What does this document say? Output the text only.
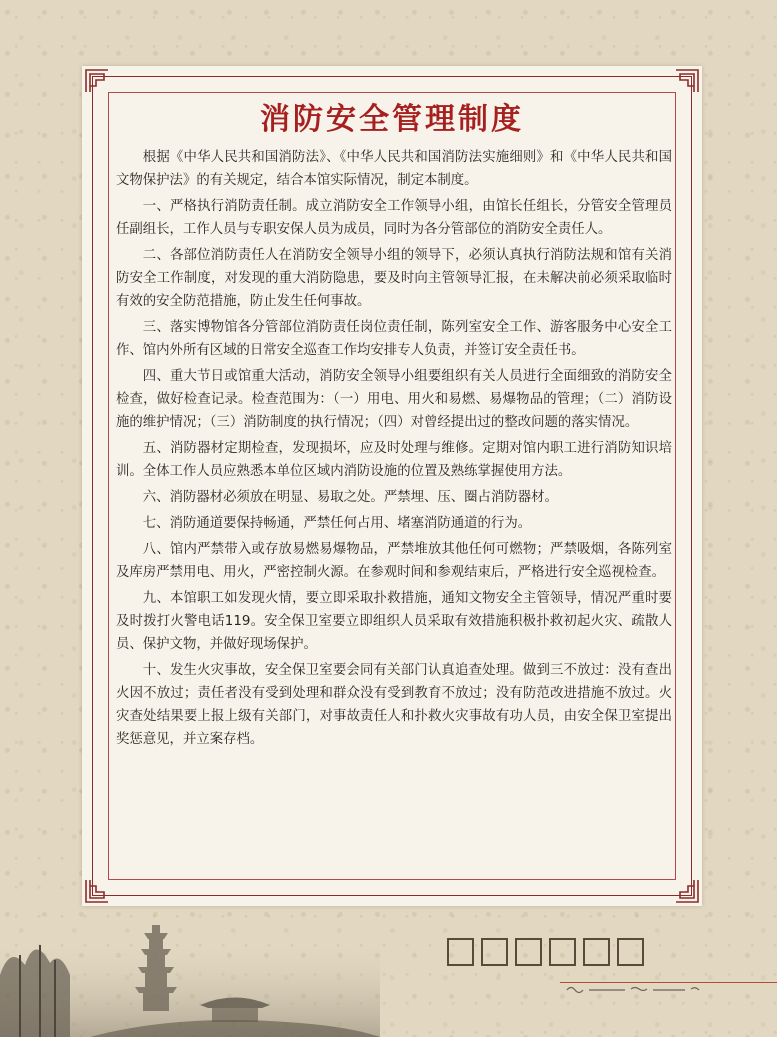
消防安全管理制度

根据《中华人民共和国消防法》、《中华人民共和国消防法实施细则》和《中华人民共和国文物保护法》的有关规定，结合本馆实际情况，制定本制度。

一、严格执行消防责任制。成立消防安全工作领导小组，由馆长任组长，分管安全管理员任副组长，工作人员与专职安保人员为成员，同时为各分管部位的消防安全责任人。

二、各部位消防责任人在消防安全领导小组的领导下，必须认真执行消防法规和馆有关消防安全工作制度，对发现的重大消防隐患，要及时向主管领导汇报，在未解决前必须采取临时有效的安全防范措施，防止发生任何事故。

三、落实博物馆各分管部位消防责任岗位责任制，陈列室安全工作、游客服务中心安全工作、馆内外所有区域的日常安全巡查工作均安排专人负责，并签订安全责任书。

四、重大节日或馆重大活动，消防安全领导小组要组织有关人员进行全面细致的消防安全检查，做好检查记录。检查范围为：（一）用电、用火和易燃、易爆物品的管理；（二）消防设施的维护情况；（三）消防制度的执行情况；（四）对曾经提出过的整改问题的落实情况。

五、消防器材定期检查，发现损坏，应及时处理与维修。定期对馆内职工进行消防知识培训。全体工作人员应熟悉本单位区域内消防设施的位置及熟练掌握使用方法。

六、消防器材必须放在明显、易取之处。严禁埋、压、圈占消防器材。

七、消防通道要保持畅通，严禁任何占用、堵塞消防通道的行为。

八、馆内严禁带入或存放易燃易爆物品，严禁堆放其他任何可燃物；严禁吸烟，各陈列室及库房严禁用电、用火，严密控制火源。在参观时间和参观结束后，严格进行安全巡视检查。

九、本馆职工如发现火情，要立即采取扑救措施，通知文物安全主管领导，情况严重时要及时拨打火警电话119。安全保卫室要立即组织人员采取有效措施积极扑救初起火灾、疏散人员、保护文物，并做好现场保护。

十、发生火灾事故，安全保卫室要会同有关部门认真追查处理。做到三不放过：没有查出火因不放过；责任者没有受到处理和群众没有受到教育不放过；没有防范改进措施不放过。火灾查处结果要上报上级有关部门，对事故责任人和扑救火灾事故有功人员，由安全保卫室提出奖惩意见，并立案存档。
